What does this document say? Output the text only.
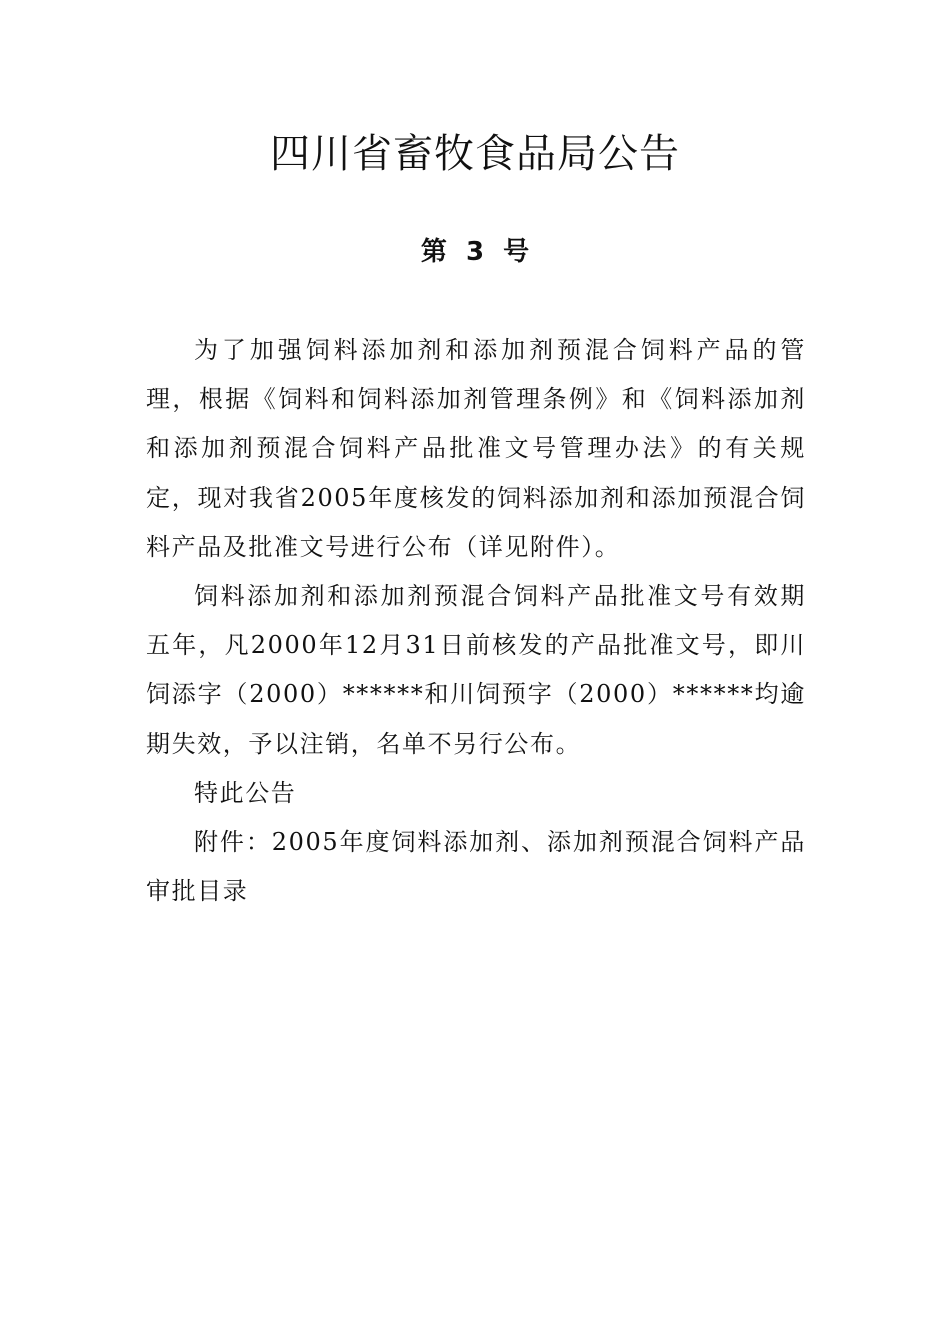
四川省畜牧食品局公告
第 3 号

为了加强饲料添加剂和添加剂预混合饲料产品的管理，根据《饲料和饲料添加剂管理条例》和《饲料添加剂和添加剂预混合饲料产品批准文号管理办法》的有关规定，现对我省2005年度核发的饲料添加剂和添加预混合饲料产品及批准文号进行公布（详见附件）。

饲料添加剂和添加剂预混合饲料产品批准文号有效期五年，凡2000年12月31日前核发的产品批准文号，即川饲添字（2000）******和川饲预字（2000）******均逾期失效，予以注销，名单不另行公布。

特此公告

附件：2005年度饲料添加剂、添加剂预混合饲料产品审批目录
